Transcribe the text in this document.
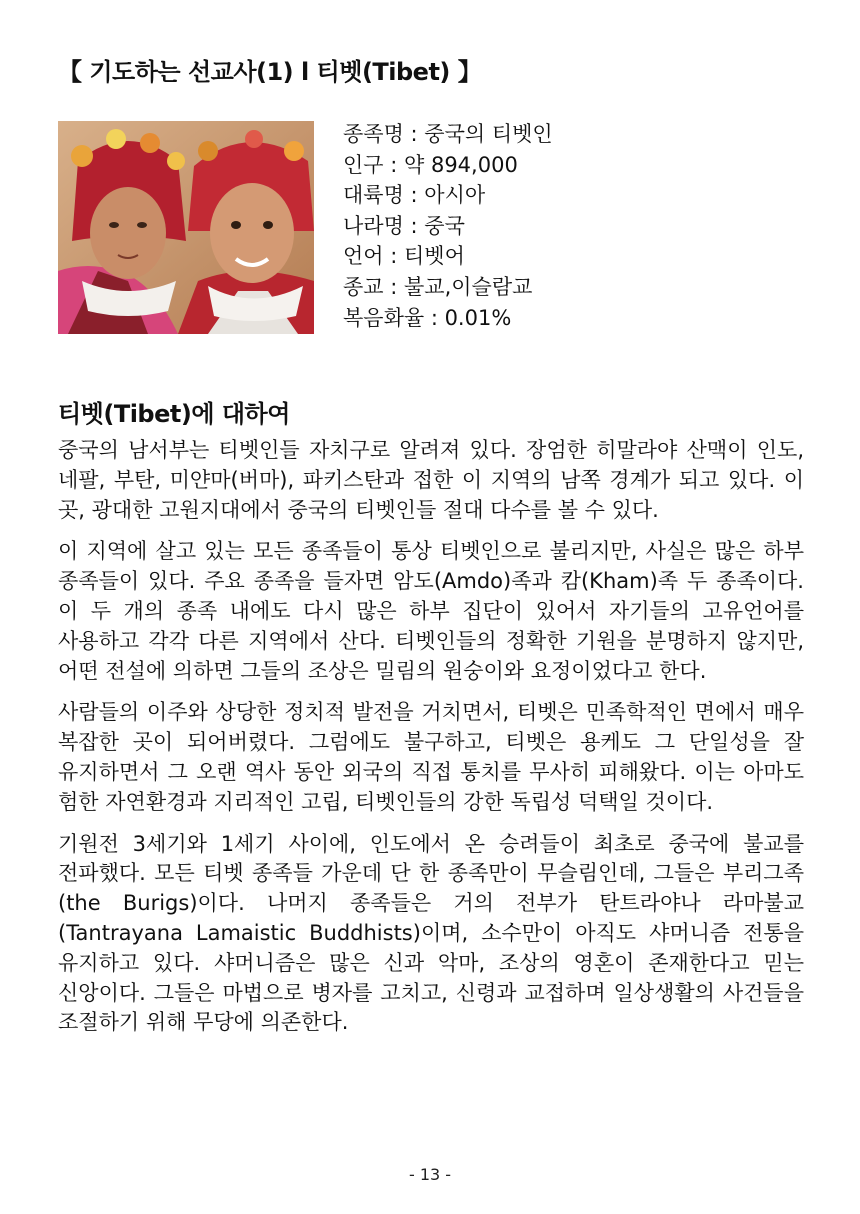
【 기도하는 선교사(1) l 티벳(Tibet) 】
종족명 : 중국의 티벳인
인구 : 약 894,000
대륙명 : 아시아
나라명 : 중국
언어 : 티벳어
종교 : 불교,이슬람교
복음화율 : 0.01%
티벳(Tibet)에 대하여

중국의 남서부는 티벳인들 자치구로 알려져 있다. 장엄한 히말라야 산맥이 인도, 네팔, 부탄, 미얀마(버마), 파키스탄과 접한 이 지역의 남쪽 경계가 되고 있다. 이 곳, 광대한 고원지대에서 중국의 티벳인들 절대 다수를 볼 수 있다.

이 지역에 살고 있는 모든 종족들이 통상 티벳인으로 불리지만, 사실은 많은 하부 종족들이 있다. 주요 종족을 들자면 암도(Amdo)족과 캄(Kham)족 두 종족이다. 이 두 개의 종족 내에도 다시 많은 하부 집단이 있어서 자기들의 고유언어를 사용하고 각각 다른 지역에서 산다. 티벳인들의 정확한 기원을 분명하지 않지만, 어떤 전설에 의하면 그들의 조상은 밀림의 원숭이와 요정이었다고 한다.

사람들의 이주와 상당한 정치적 발전을 거치면서, 티벳은 민족학적인 면에서 매우 복잡한 곳이 되어버렸다. 그럼에도 불구하고, 티벳은 용케도 그 단일성을 잘 유지하면서 그 오랜 역사 동안 외국의 직접 통치를 무사히 피해왔다. 이는 아마도 험한 자연환경과 지리적인 고립, 티벳인들의 강한 독립성 덕택일 것이다.

기원전 3세기와 1세기 사이에, 인도에서 온 승려들이 최초로 중국에 불교를 전파했다. 모든 티벳 종족들 가운데 단 한 종족만이 무슬림인데, 그들은 부리그족(the Burigs)이다. 나머지 종족들은 거의 전부가 탄트라야나 라마불교(Tantrayana Lamaistic Buddhists)이며, 소수만이 아직도 샤머니즘 전통을 유지하고 있다. 샤머니즘은 많은 신과 악마, 조상의 영혼이 존재한다고 믿는 신앙이다. 그들은 마법으로 병자를 고치고, 신령과 교접하며 일상생활의 사건들을 조절하기 위해 무당에 의존한다.

- 13 -
